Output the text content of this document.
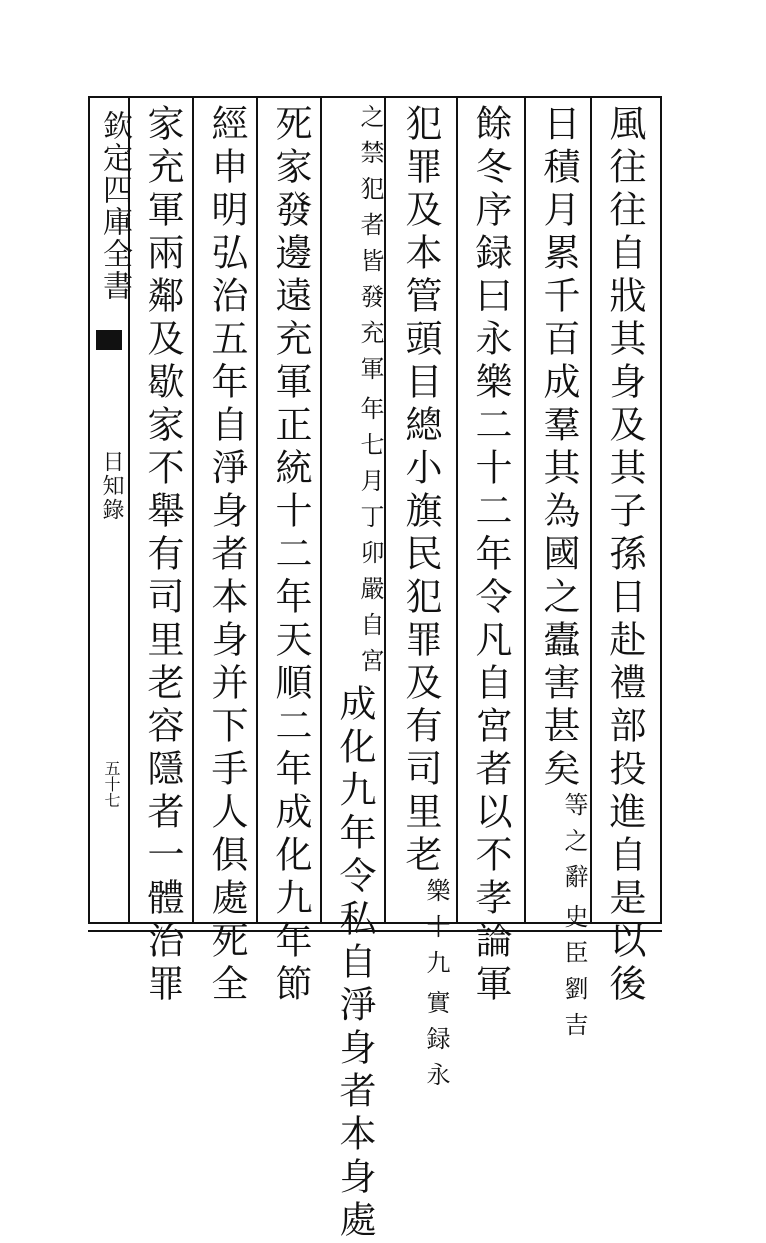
欽定四庫全書
日知錄
五十七	風往往自戕其身及其子孫日赴禮部投進自是以後
日積月累千百成羣其為國之蠹害甚矣
史臣劉吉
等之辭
餘冬序録曰永樂二十二年令凡自宮者以不孝論軍
犯罪及本管頭目總小旗民犯罪及有司里老
實録永
樂十九
年七月丁卯嚴自宮
之禁犯者皆發充軍
成化九年令私自淨身者本身處
死家發邊遠充軍正統十二年天順二年成化九年節
經申明弘治五年自淨身者本身并下手人俱處死全
家充軍兩鄰及歇家不舉有司里老容隱者一體治罪
